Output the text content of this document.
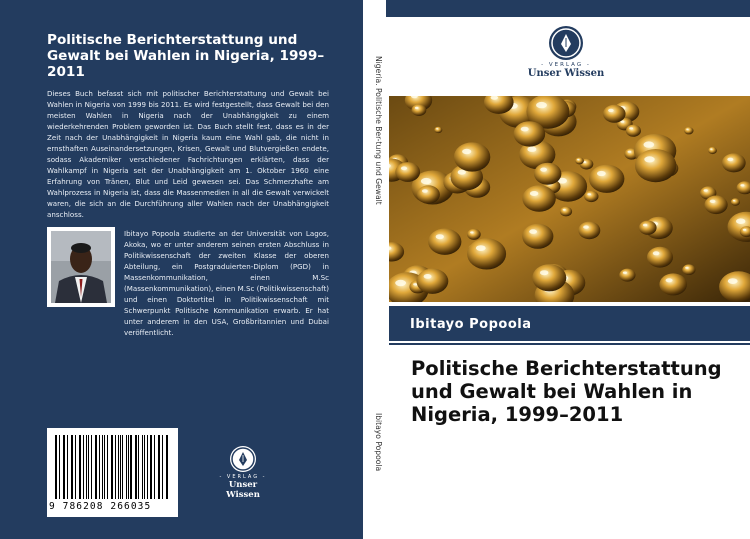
Politische Berichterstattung und Gewalt bei Wahlen in Nigeria, 1999–2011
Dieses Buch befasst sich mit politischer Berichterstattung und Gewalt bei Wahlen in Nigeria von 1999 bis 2011. Es wird festgestellt, dass Gewalt bei den meisten Wahlen in Nigeria nach der Unabhängigkeit zu einem wiederkehrenden Problem geworden ist. Das Buch stellt fest, dass es in der Zeit nach der Unabhängigkeit in Nigeria kaum eine Wahl gab, die nicht in ernsthaften Auseinandersetzungen, Krisen, Gewalt und Blutvergießen endete, sodass Akademiker verschiedener Fachrichtungen erklärten, dass der Wahlkampf in Nigeria seit der Unabhängigkeit am 1. Oktober 1960 eine Erfahrung von Tränen, Blut und Leid gewesen sei. Das Schmerzhafte am Wahlprozess in Nigeria ist, dass die Massenmedien in all die Gewalt verwickelt waren, die sich an die Durchführung aller Wahlen nach der Unabhängigkeit anschloss.
Ibitayo Popoola studierte an der Universität von Lagos, Akoka, wo er unter anderem seinen ersten Abschluss in Politikwissenschaft der zweiten Klasse der oberen Abteilung, ein Postgraduierten-Diplom (PGD) in Massenkommunikation, einen M.Sc (Massenkommunikation), einen M.Sc (Politikwissenschaft) und einen Doktortitel in Politikwissenschaft mit Schwerpunkt Politische Kommunikation erwarb. Er hat unter anderem in den USA, Großbritannien und Dubai veröffentlicht.
9 786208 266035
- VERLAG -
Unser Wissen
Nigeria. Politische Ber-tung und Gewalt
Ibitayo Popoola
- VERLAG -
Unser Wissen
Ibitayo Popoola
Politische Berichterstattung und Gewalt bei Wahlen in Nigeria, 1999–2011
